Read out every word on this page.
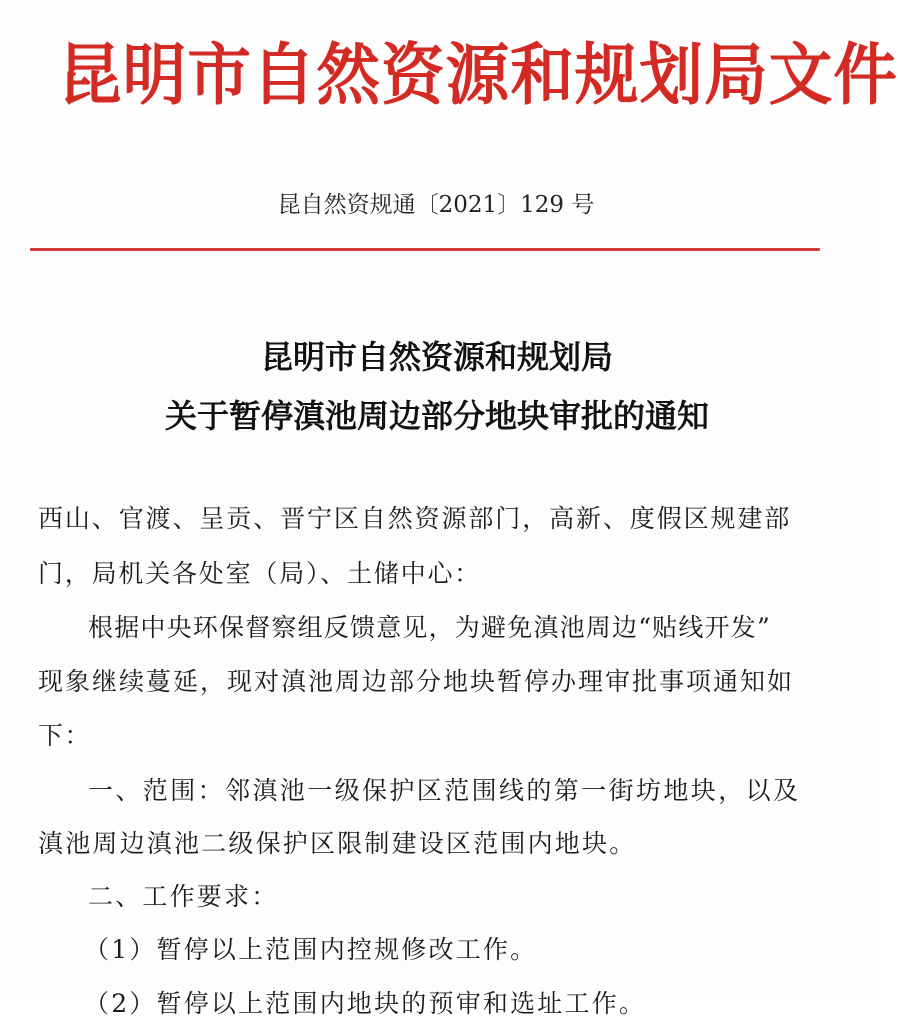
昆明市自然资源和规划局文件
昆自然资规通〔2021〕129 号
昆明市自然资源和规划局
关于暂停滇池周边部分地块审批的通知
西山、官渡、呈贡、晋宁区自然资源部门，高新、度假区规建部
门，局机关各处室（局）、土储中心：
根据中央环保督察组反馈意见，为避免滇池周边“贴线开发”
现象继续蔓延，现对滇池周边部分地块暂停办理审批事项通知如
下：
一、范围：邻滇池一级保护区范围线的第一街坊地块，以及
滇池周边滇池二级保护区限制建设区范围内地块。
二、工作要求：
（1）暂停以上范围内控规修改工作。
（2）暂停以上范围内地块的预审和选址工作。
